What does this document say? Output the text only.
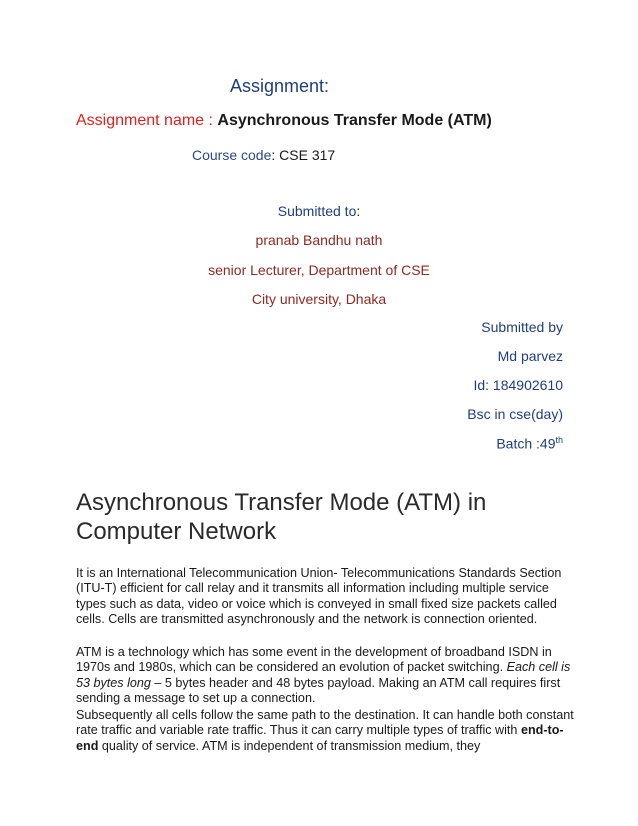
Assignment:
Assignment name : Asynchronous Transfer Mode (ATM)
Course code: CSE 317
Submitted to:
pranab Bandhu nath
senior Lecturer, Department of CSE
City university, Dhaka
Submitted by
Md parvez
Id: 184902610
Bsc in cse(day)
Batch :49th
Asynchronous Transfer Mode (ATM) in Computer Network

It is an International Telecommunication Union- Telecommunications Standards Section (ITU-T) efficient for call relay and it transmits all information including multiple service types such as data, video or voice which is conveyed in small fixed size packets called cells. Cells are transmitted asynchronously and the network is connection oriented.

ATM is a technology which has some event in the development of broadband ISDN in 1970s and 1980s, which can be considered an evolution of packet switching. Each cell is 53 bytes long – 5 bytes header and 48 bytes payload. Making an ATM call requires first sending a message to set up a connection.

Subsequently all cells follow the same path to the destination. It can handle both constant rate traffic and variable rate traffic. Thus it can carry multiple types of traffic with end-to-end quality of service. ATM is independent of transmission medium, they
